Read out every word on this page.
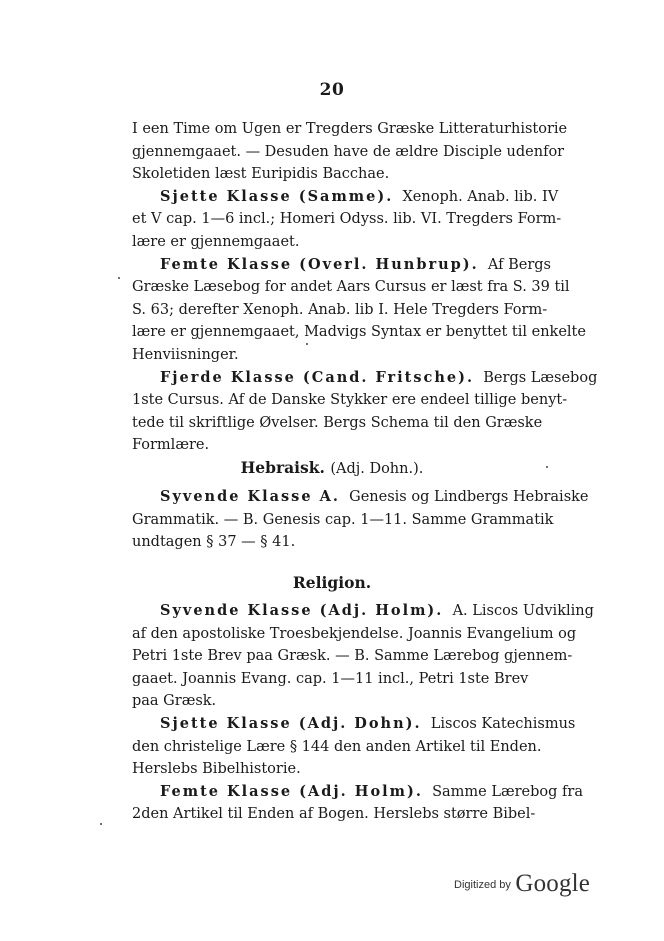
20
I een Time om Ugen er Tregders Græske Litteraturhistorie
gjennemgaaet. — Desuden have de ældre Disciple udenfor
Skoletiden læst Euripidis Bacchae.
Sjette Klasse (Samme). Xenoph. Anab. lib. IV
et V cap. 1—6 incl.; Homeri Odyss. lib. VI. Tregders Form-
lære er gjennemgaaet.
Femte Klasse (Overl. Hunbrup). Af Bergs
Græske Læsebog for andet Aars Cursus er læst fra S. 39 til
S. 63; derefter Xenoph. Anab. lib I. Hele Tregders Form-
lære er gjennemgaaet, Madvigs Syntax er benyttet til enkelte
Henviisninger.
Fjerde Klasse (Cand. Fritsche). Bergs Læsebog
1ste Cursus. Af de Danske Stykker ere endeel tillige benyt-
tede til skriftlige Øvelser. Bergs Schema til den Græske
Formlære.
Hebraisk. (Adj. Dohn.).
Syvende Klasse A. Genesis og Lindbergs Hebraiske
Grammatik. — B. Genesis cap. 1—11. Samme Grammatik
undtagen § 37 — § 41.
Religion.
Syvende Klasse (Adj. Holm). A. Liscos Udvikling
af den apostoliske Troesbekjendelse. Joannis Evangelium og
Petri 1ste Brev paa Græsk. — B. Samme Lærebog gjennem-
gaaet. Joannis Evang. cap. 1—11 incl., Petri 1ste Brev
paa Græsk.
Sjette Klasse (Adj. Dohn). Liscos Katechismus
den christelige Lære § 144 den anden Artikel til Enden.
Herslebs Bibelhistorie.
Femte Klasse (Adj. Holm). Samme Lærebog fra
2den Artikel til Enden af Bogen. Herslebs større Bibel-
Digitized by Google
